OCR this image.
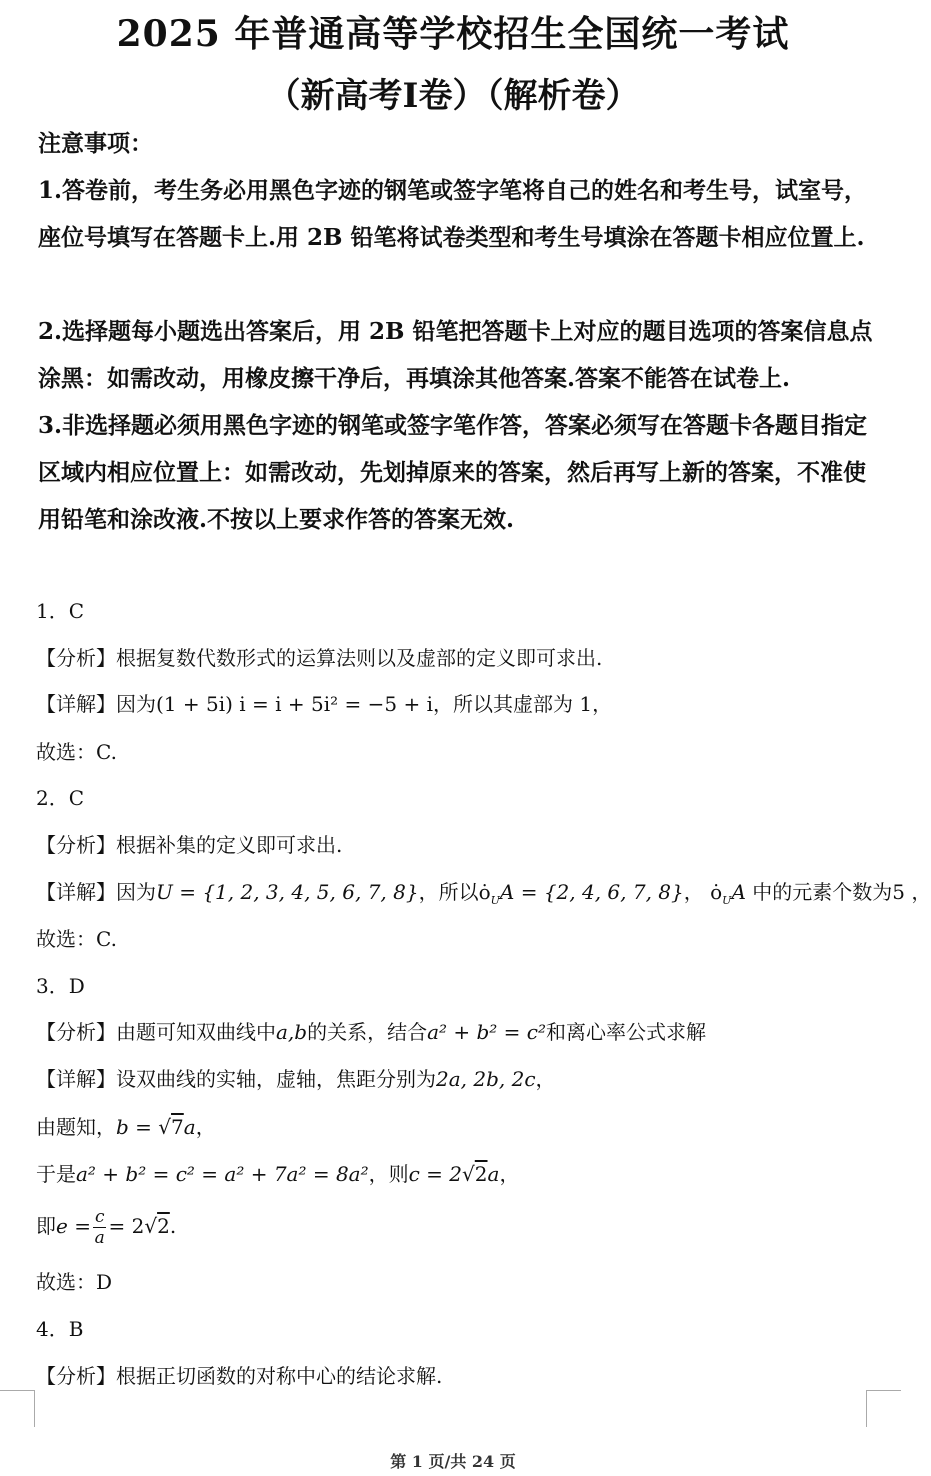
2025 年普通高等学校招生全国统一考试
（新高考Ⅰ卷）（解析卷）
注意事项：
1.答卷前，考生务必用黑色字迹的钢笔或签字笔将自己的姓名和考生号，试室号，座位号填写在答题卡上.用 2B 铅笔将试卷类型和考生号填涂在答题卡相应位置上.
2.选择题每小题选出答案后，用 2B 铅笔把答题卡上对应的题目选项的答案信息点涂黑：如需改动，用橡皮擦干净后，再填涂其他答案.答案不能答在试卷上.
3.非选择题必须用黑色字迹的钢笔或签字笔作答，答案必须写在答题卡各题目指定区域内相应位置上：如需改动，先划掉原来的答案，然后再写上新的答案，不准使用铅笔和涂改液.不按以上要求作答的答案无效.
1．C
【分析】根据复数代数形式的运算法则以及虚部的定义即可求出.
【详解】因为(1 + 5i) i = i + 5i² = −5 + i，所以其虚部为 1，
故选：C.
2．C
【分析】根据补集的定义即可求出.
【详解】因为U = {1, 2, 3, 4, 5, 6, 7, 8}，所以$ȯ_UA = \{2$, 4, 6, 7, 8}， $ȯ_UA$ 中的元素个数为5 ，
故选：C.
3．D
【分析】由题可知双曲线中a,b的关系，结合a² + b² = c²和离心率公式求解
【详解】设双曲线的实轴，虚轴，焦距分别为2a, 2b, 2c，
由题知，b = √7a，
于是a² + b² = c² = a² + 7a² = 8a²，则c = 2√2a，
即$e = \frac{c}{a} = 2√2$.
故选：D
4．B
【分析】根据正切函数的对称中心的结论求解.
第 1 页/共 24 页
